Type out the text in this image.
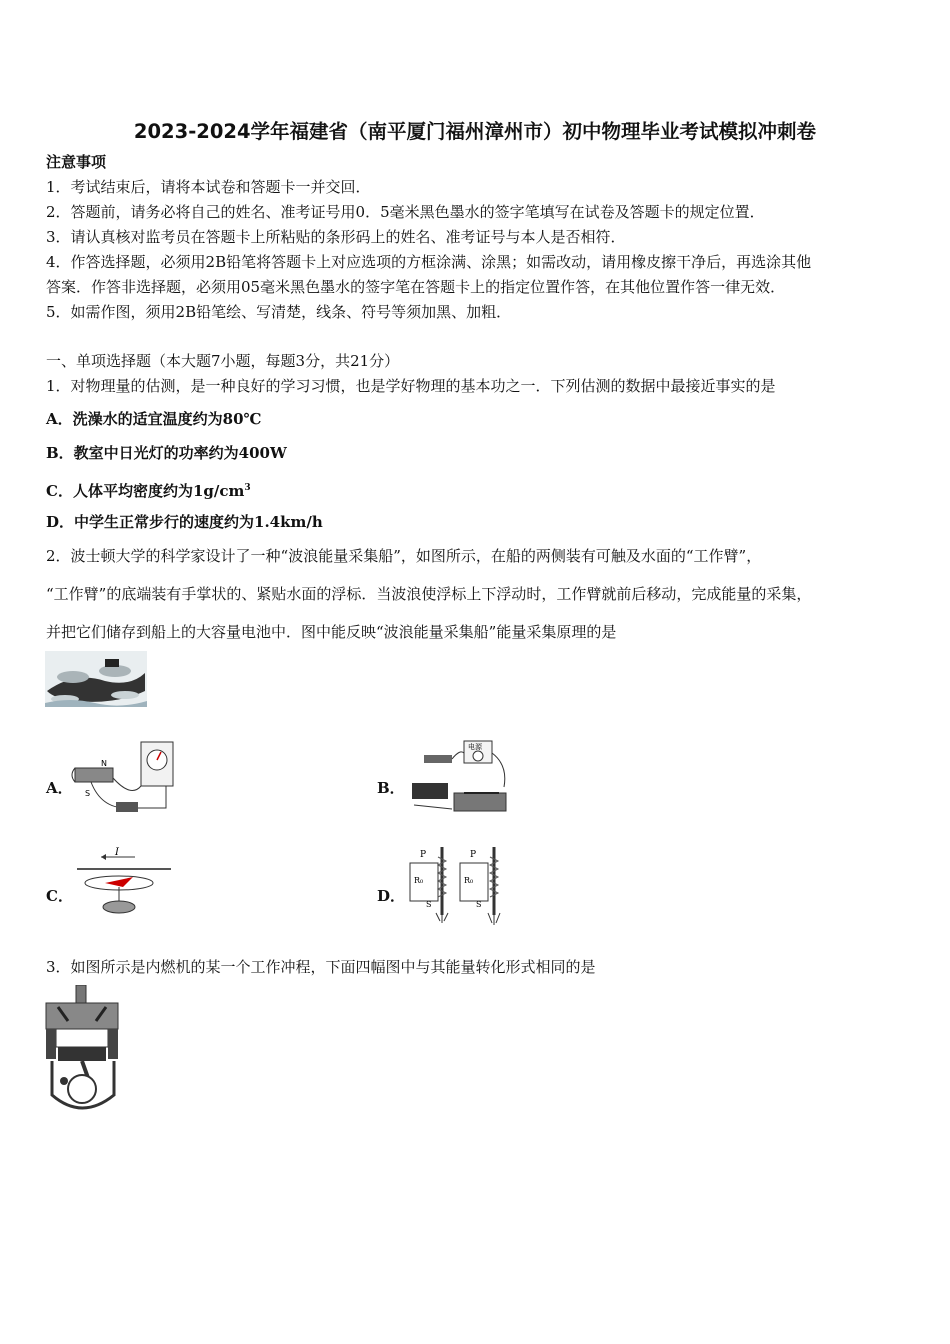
2023-2024学年福建省（南平厦门福州漳州市）初中物理毕业考试模拟冲刺卷
注意事项
1．考试结束后，请将本试卷和答题卡一并交回．
2．答题前，请务必将自己的姓名、准考证号用0．5毫米黑色墨水的签字笔填写在试卷及答题卡的规定位置．
3．请认真核对监考员在答题卡上所粘贴的条形码上的姓名、准考证号与本人是否相符．
4．作答选择题，必须用2B铅笔将答题卡上对应选项的方框涂满、涂黑；如需改动，请用橡皮擦干净后，再选涂其他
答案．作答非选择题，必须用05毫米黑色墨水的签字笔在答题卡上的指定位置作答，在其他位置作答一律无效．
5．如需作图，须用2B铅笔绘、写清楚，线条、符号等须加黑、加粗．
一、单项选择题（本大题7小题，每题3分，共21分）
1．对物理量的估测，是一种良好的学习习惯，也是学好物理的基本功之一．下列估测的数据中最接近事实的是
A．洗澡水的适宜温度约为80℃
B．教室中日光灯的功率约为400W
C．人体平均密度约为$1g/cm^3$
D．中学生正常步行的速度约为1.4km/h
2．波士顿大学的科学家设计了一种“波浪能量采集船”，如图所示，在船的两侧装有可触及水面的“工作臂”，
“工作臂”的底端装有手掌状的、紧贴水面的浮标．当波浪使浮标上下浮动时，工作臂就前后移动，完成能量的采集，
并把它们储存到船上的大容量电池中．图中能反映“波浪能量采集船”能量采集原理的是
A．
N
S	B．
电源
C．
I
D．
P
R₀
S
P
R₀
S
3．如图所示是内燃机的某一个工作冲程，下面四幅图中与其能量转化形式相同的是
